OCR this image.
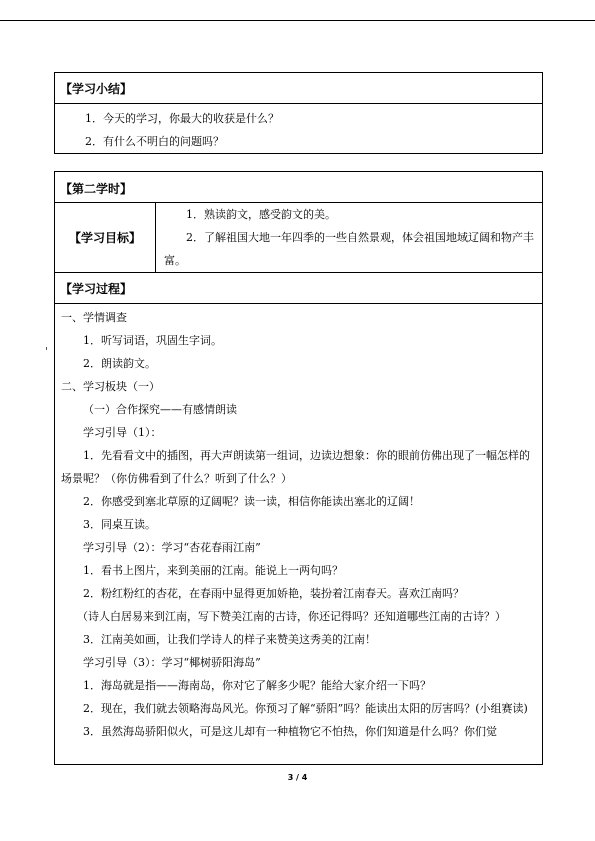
【学习小结】

1．今天的学习，你最大的收获是什么？
2．有什么不明白的问题吗？
【第二学时】

【学习目标】

1．熟读韵文，感受韵文的美。
2．了解祖国大地一年四季的一些自然景观，体会祖国地域辽阔和物产丰富。

【学习过程】

一、学情调查
1．听写词语，巩固生字词。
2．朗读韵文。
二、学习板块（一）
（一）合作探究——有感情朗读
学习引导（1）：
1．先看看文中的插图，再大声朗读第一组词，边读边想象：你的眼前仿佛出现了一幅怎样的场景呢？（你仿佛看到了什么？听到了什么？）
2．你感受到塞北草原的辽阔呢？读一读，相信你能读出塞北的辽阔！
3．同桌互读。
学习引导（2）：学习“杏花春雨江南”
1．看书上图片，来到美丽的江南。能说上一两句吗？
2．粉红粉红的杏花，在春雨中显得更加娇艳，装扮着江南春天。喜欢江南吗？
（诗人白居易来到江南，写下赞美江南的古诗，你还记得吗？还知道哪些江南的古诗？）
3．江南美如画，让我们学诗人的样子来赞美这秀美的江南！
学习引导（3）：学习“椰树骄阳海岛”
1．海岛就是指——海南岛，你对它了解多少呢？能给大家介绍一下吗？
2．现在，我们就去领略海岛风光。你预习了解“骄阳”吗？能读出太阳的厉害吗？(小组赛读)
3．虽然海岛骄阳似火，可是这儿却有一种植物它不怕热，你们知道是什么吗？你们觉
3 / 4
